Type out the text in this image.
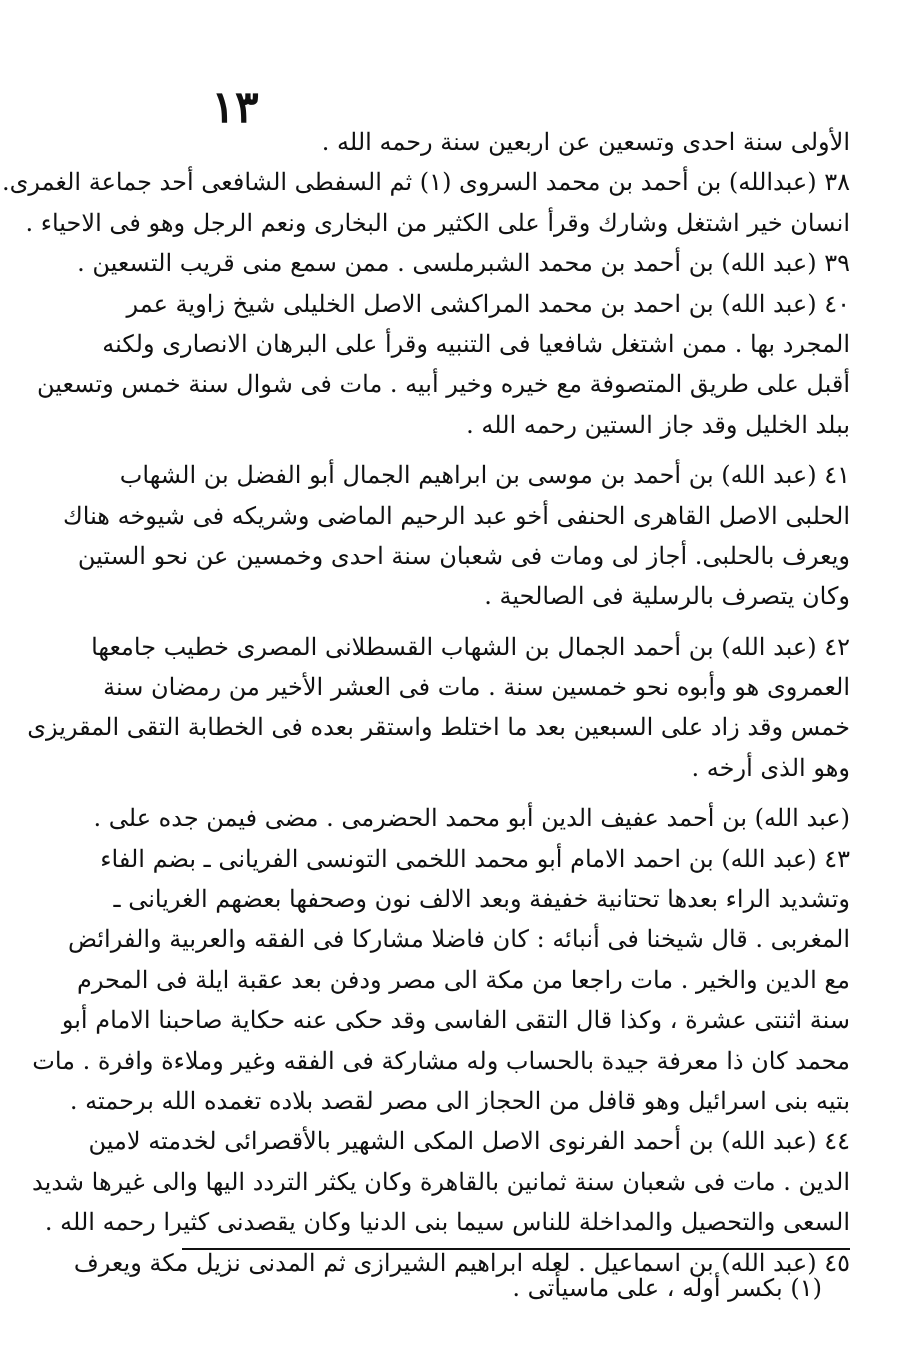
١٣
الأولى سنة احدى وتسعين عن اربعين سنة رحمه الله .
٣٨ (عبدالله) بن أحمد بن محمد السروى (١) ثم السفطى الشافعى أحد جماعة الغمرى.
انسان خير اشتغل وشارك وقرأ على الكثير من البخارى ونعم الرجل وهو فى الاحياء .
٣٩ (عبد الله) بن أحمد بن محمد الشبرملسى . ممن سمع منى قريب التسعين .
٤٠ (عبد الله) بن احمد بن محمد المراكشى الاصل الخليلى شيخ زاوية عمر
المجرد بها . ممن اشتغل شافعيا فى التنبيه وقرأ على البرهان الانصارى ولكنه
أقبل على طريق المتصوفة مع خيره وخير أبيه . مات فى شوال سنة خمس وتسعين
ببلد الخليل وقد جاز الستين رحمه الله .
٤١ (عبد الله) بن أحمد بن موسى بن ابراهيم الجمال أبو الفضل بن الشهاب
الحلبى الاصل القاهرى الحنفى أخو عبد الرحيم الماضى وشريكه فى شيوخه هناك
ويعرف بالحلبى. أجاز لى ومات فى شعبان سنة احدى وخمسين عن نحو الستين
وكان يتصرف بالرسلية فى الصالحية .
٤٢ (عبد الله) بن أحمد الجمال بن الشهاب القسطلانى المصرى خطيب جامعها
العمروى هو وأبوه نحو خمسين سنة . مات فى العشر الأخير من رمضان سنة
خمس وقد زاد على السبعين بعد ما اختلط واستقر بعده فى الخطابة التقى المقريزى
وهو الذى أرخه .
(عبد الله) بن أحمد عفيف الدين أبو محمد الحضرمى . مضى فيمن جده على .
٤٣ (عبد الله) بن احمد الامام أبو محمد اللخمى التونسى الفريانى ـ بضم الفاء
وتشديد الراء بعدها تحتانية خفيفة وبعد الالف نون وصحفها بعضهم الغريانى ـ
المغربى . قال شيخنا فى أنبائه : كان فاضلا مشاركا فى الفقه والعربية والفرائض
مع الدين والخير . مات راجعا من مكة الى مصر ودفن بعد عقبة ايلة فى المحرم
سنة اثنتى عشرة ، وكذا قال التقى الفاسى وقد حكى عنه حكاية صاحبنا الامام أبو
محمد كان ذا معرفة جيدة بالحساب وله مشاركة فى الفقه وغير وملاءة وافرة . مات
بتيه بنى اسرائيل وهو قافل من الحجاز الى مصر لقصد بلاده تغمده الله برحمته .
٤٤ (عبد الله) بن أحمد الفرنوى الاصل المكى الشهير بالأقصرائى لخدمته لامين
الدين . مات فى شعبان سنة ثمانين بالقاهرة وكان يكثر التردد اليها والى غيرها شديد
السعى والتحصيل والمداخلة للناس سيما بنى الدنيا وكان يقصدنى كثيرا رحمه الله .
٤٥ (عبد الله) بن اسماعيل . لعله ابراهيم الشيرازى ثم المدنى نزيل مكة ويعرف
(١) بكسر أوله ، على ماسيأتى .
